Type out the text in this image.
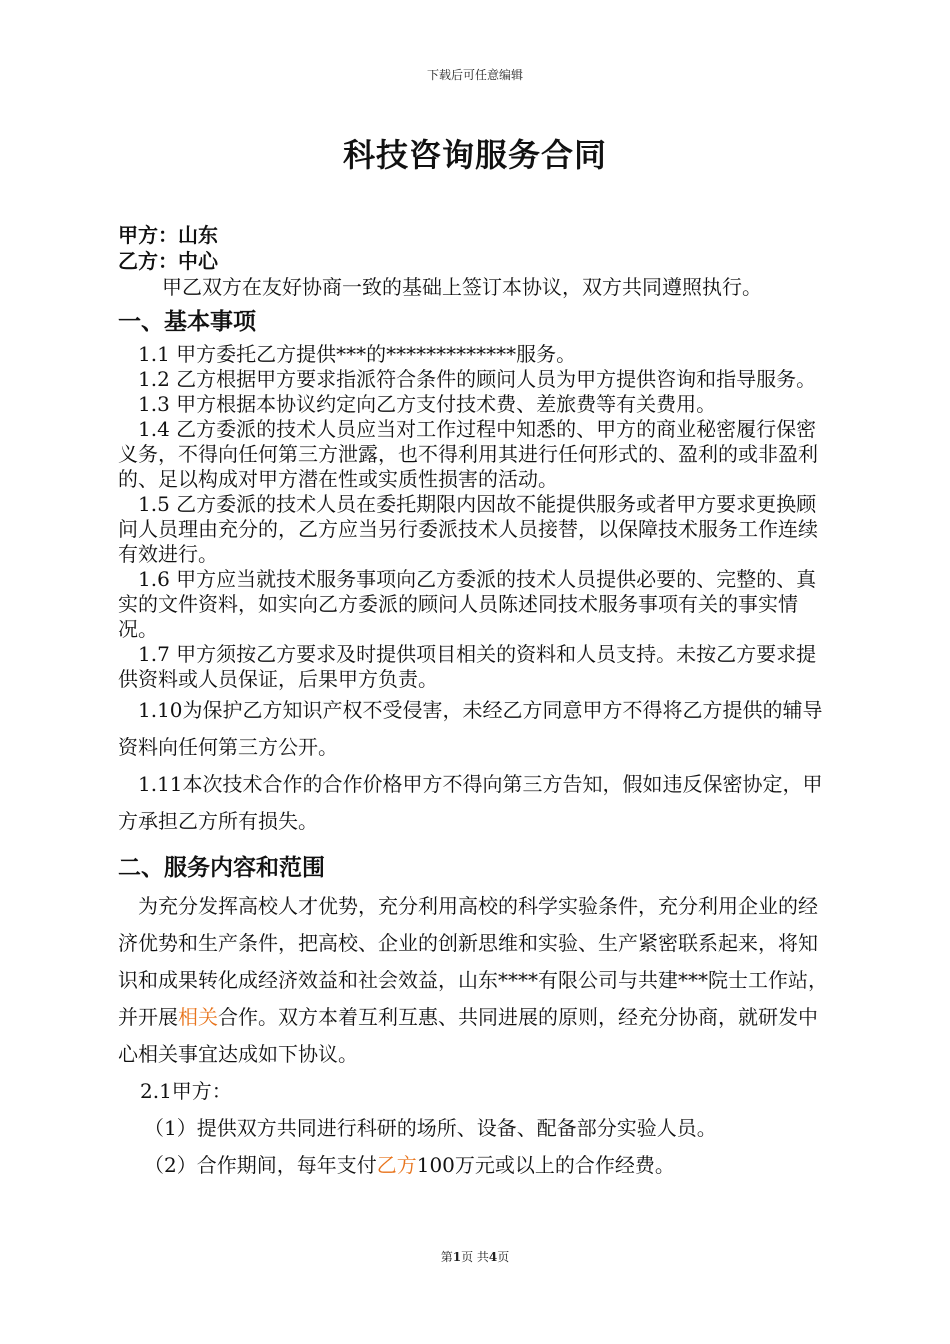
下载后可任意编辑
科技咨询服务合同
甲方：山东
乙方：中心

甲乙双方在友好协商一致的基础上签订本协议，双方共同遵照执行。

一、基本事项

1.1 甲方委托乙方提供***的*************服务。

1.2 乙方根据甲方要求指派符合条件的顾问人员为甲方提供咨询和指导服务。

1.3 甲方根据本协议约定向乙方支付技术费、差旅费等有关费用。

1.4 乙方委派的技术人员应当对工作过程中知悉的、甲方的商业秘密履行保密义务，不得向任何第三方泄露，也不得利用其进行任何形式的、盈利的或非盈利的、足以构成对甲方潜在性或实质性损害的活动。

1.5 乙方委派的技术人员在委托期限内因故不能提供服务或者甲方要求更换顾问人员理由充分的，乙方应当另行委派技术人员接替，以保障技术服务工作连续有效进行。

1.6 甲方应当就技术服务事项向乙方委派的技术人员提供必要的、完整的、真实的文件资料，如实向乙方委派的顾问人员陈述同技术服务事项有关的事实情况。

1.7 甲方须按乙方要求及时提供项目相关的资料和人员支持。未按乙方要求提供资料或人员保证，后果甲方负责。

1.10为保护乙方知识产权不受侵害，未经乙方同意甲方不得将乙方提供的辅导资料向任何第三方公开。

1.11本次技术合作的合作价格甲方不得向第三方告知，假如违反保密协定，甲方承担乙方所有损失。

二、服务内容和范围

为充分发挥高校人才优势，充分利用高校的科学实验条件，充分利用企业的经济优势和生产条件，把高校、企业的创新思维和实验、生产紧密联系起来，将知识和成果转化成经济效益和社会效益，山东****有限公司与共建***院士工作站，并开展相关合作。双方本着互利互惠、共同进展的原则，经充分协商，就研发中心相关事宜达成如下协议。

2.1甲方：

（1）提供双方共同进行科研的场所、设备、配备部分实验人员。

（2）合作期间，每年支付乙方100万元或以上的合作经费。

第1页 共4页
